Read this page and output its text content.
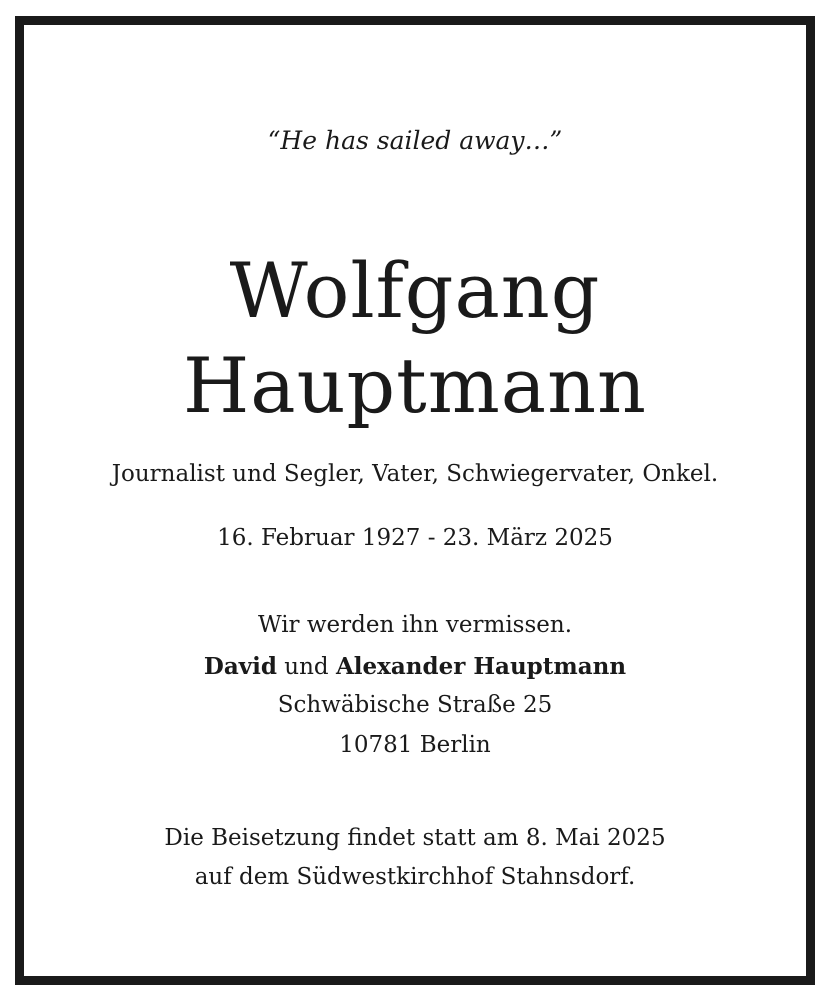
“He has sailed away…”
Wolfgang
Hauptmann
Journalist und Segler, Vater, Schwiegervater, Onkel.
16. Februar 1927 - 23. März 2025
Wir werden ihn vermissen.
David und Alexander Hauptmann
Schwäbische Straße 25
10781 Berlin
Die Beisetzung findet statt am 8. Mai 2025
auf dem Südwestkirchhof Stahnsdorf.
